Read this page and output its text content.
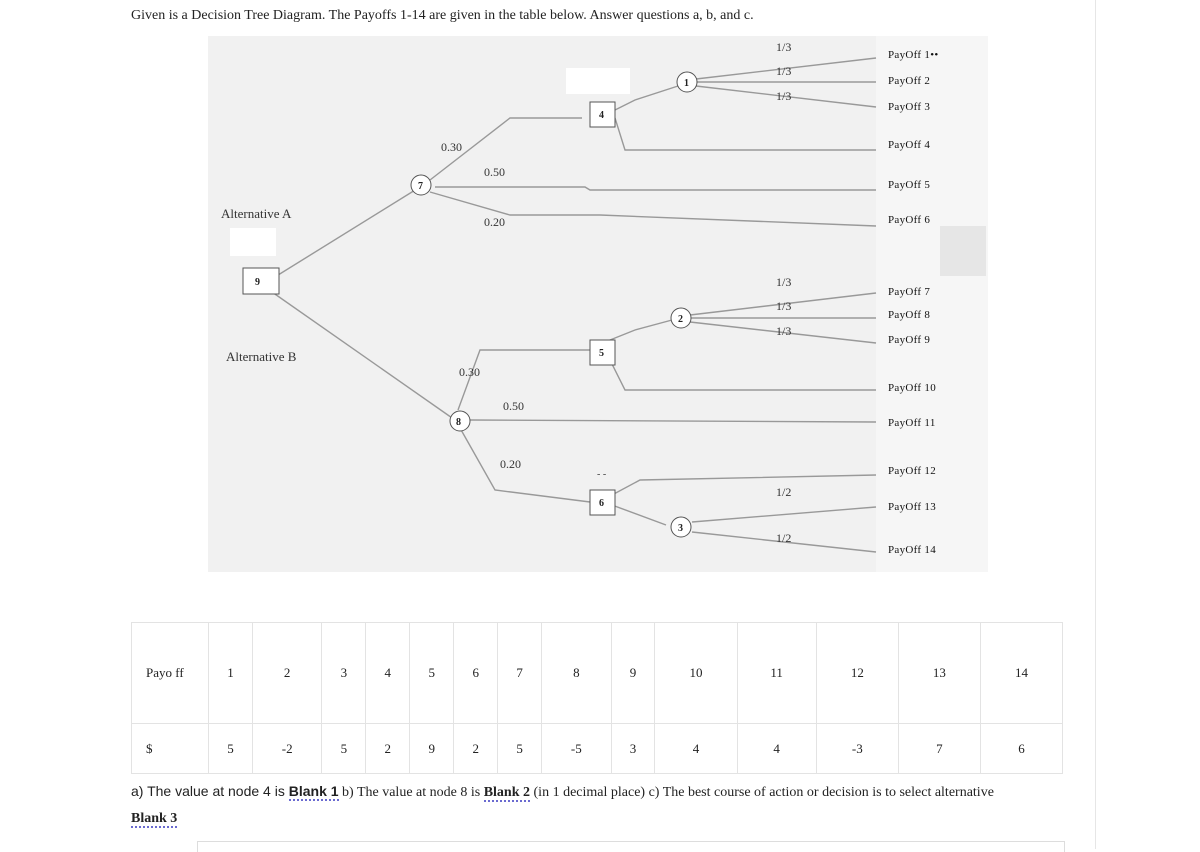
Given is a Decision Tree Diagram. The Payoffs 1-14 are given in the table below. Answer questions a, b, and c.
9
7
8
4
5
6
1
2
3
Alternative A
Alternative B
1/3
1/3
1/3
0.30
0.50
0.20
1/3
1/3
1/3
0.30
0.50
0.20
1/2
1/2
- -
PayOff 1••
PayOff 2
PayOff 3
PayOff 4
PayOff 5
PayOff 6
PayOff 7
PayOff 8
PayOff 9
PayOff 10
PayOff 11
PayOff 12
PayOff 13
PayOff 14
Payo ff	1	2	3	4	5	6	7	8	9	10	11	12	13	14
$	5	-2	5	2	9	2	5	-5	3	4	4	-3	7	6
a) The value at node 4 is Blank 1 b) The value at node 8 is Blank 2 (in 1 decimal place) c) The best course of action or decision is to select alternative Blank 3
